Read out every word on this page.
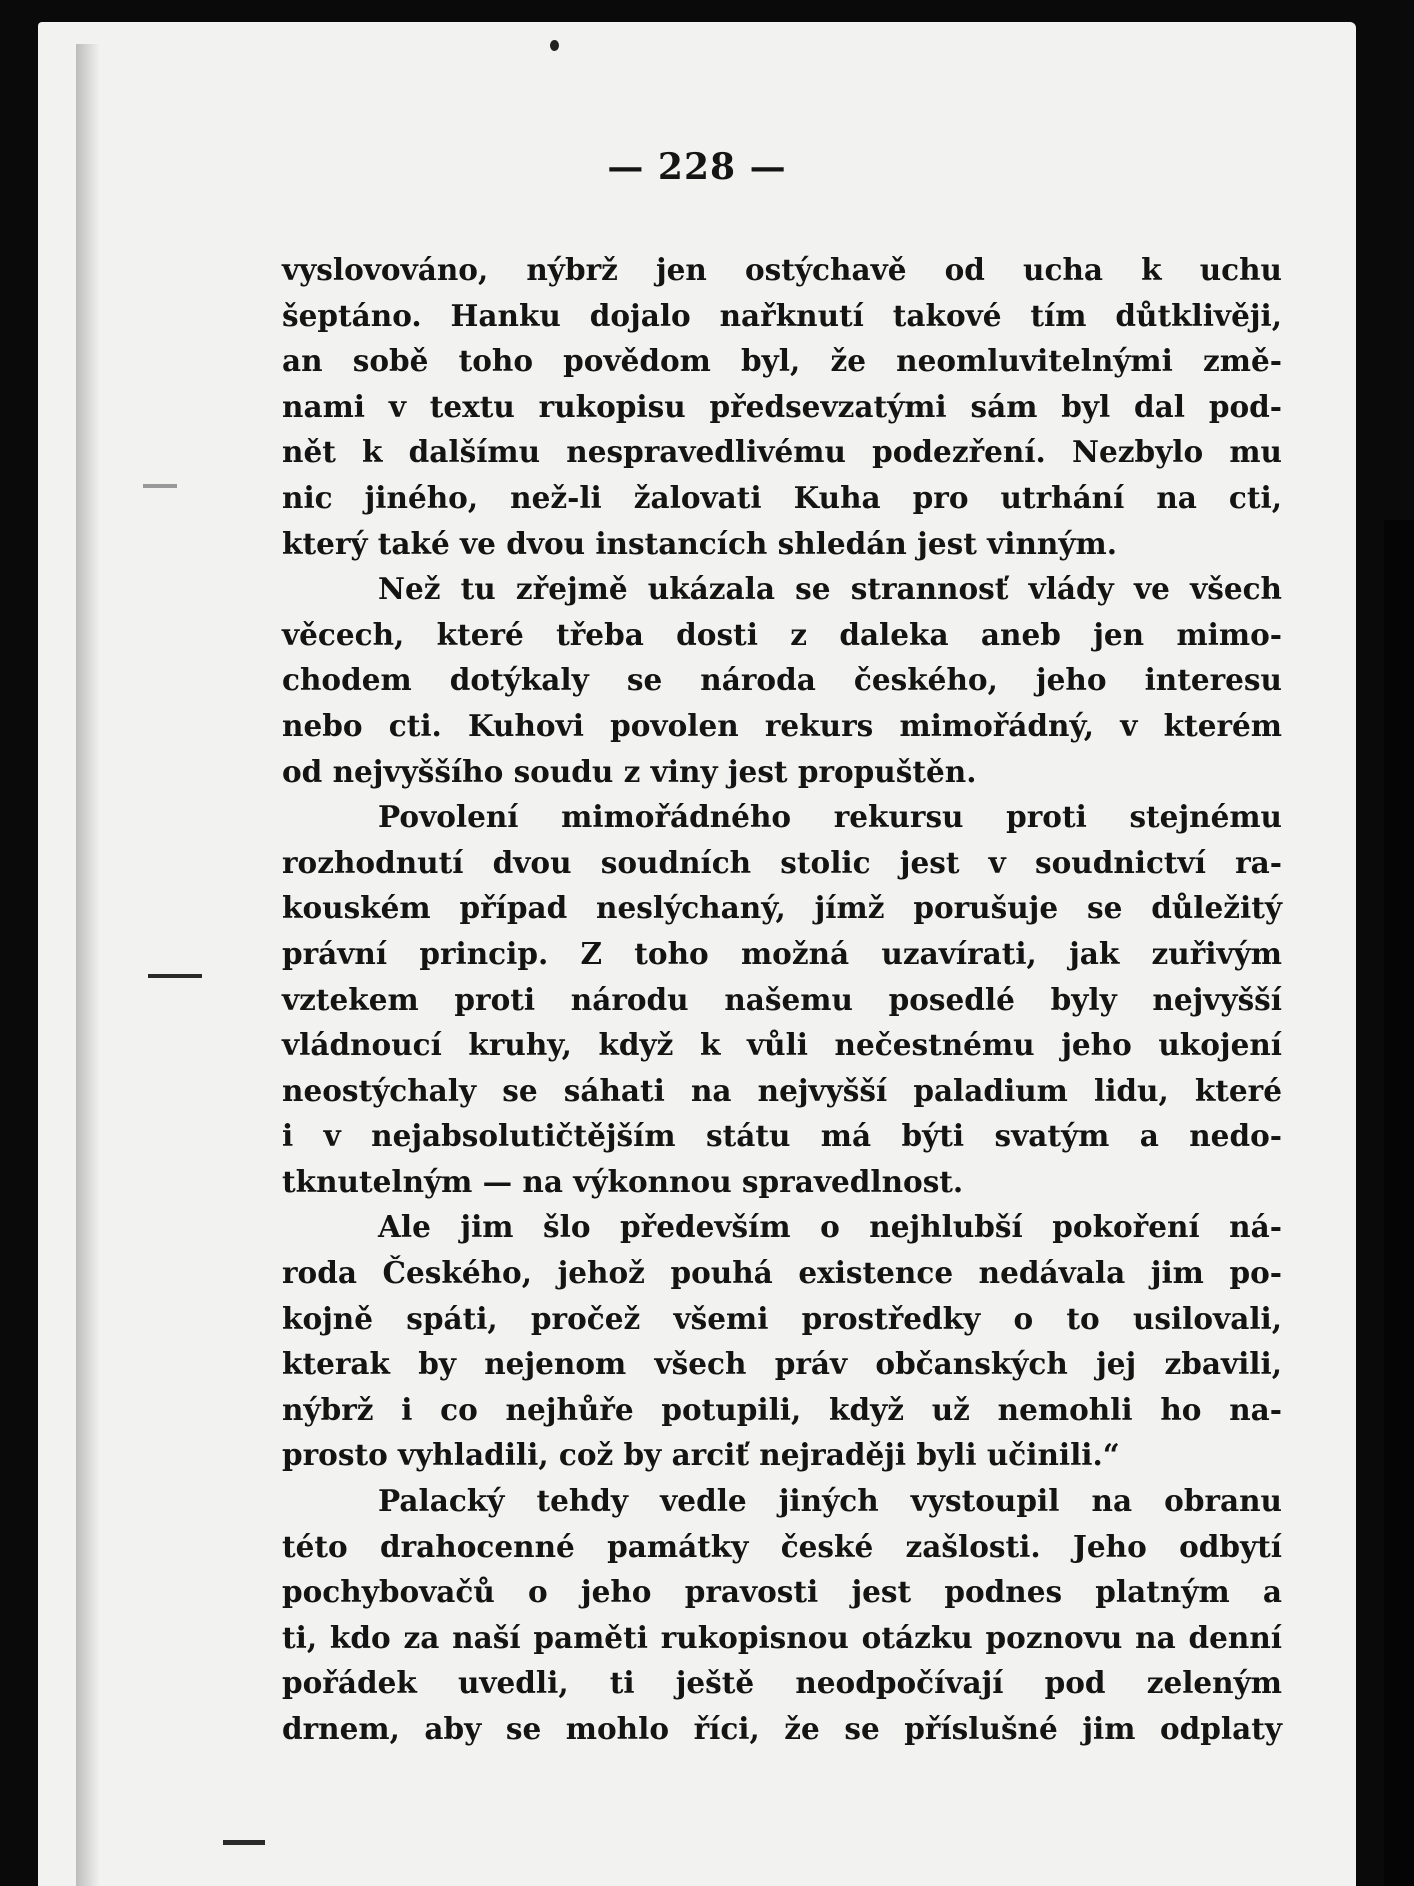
— 228 —
vyslovováno, nýbrž jen ostýchavě od ucha k uchu
šeptáno. Hanku dojalo nařknutí takové tím důtklivěji,
an sobě toho povědom byl, že neomluvitelnými změ-
nami v textu rukopisu předsevzatými sám byl dal pod-
nět k dalšímu nespravedlivému podezření. Nezbylo mu
nic jiného, než-li žalovati Kuha pro utrhání na cti,
který také ve dvou instancích shledán jest vinným.
Než tu zřejmě ukázala se strannosť vlády ve všech
věcech, které třeba dosti z daleka aneb jen mimo-
chodem dotýkaly se národa českého, jeho interesu
nebo cti. Kuhovi povolen rekurs mimořádný, v kterém
od nejvyššího soudu z viny jest propuštěn.
Povolení mimořádného rekursu proti stejnému
rozhodnutí dvou soudních stolic jest v soudnictví ra-
kouském případ neslýchaný, jímž porušuje se důležitý
právní princip. Z toho možná uzavírati, jak zuřivým
vztekem proti národu našemu posedlé byly nejvyšší
vládnoucí kruhy, když k vůli nečestnému jeho ukojení
neostýchaly se sáhati na nejvyšší paladium lidu, které
i v nejabsolutičtějším státu má býti svatým a nedo-
tknutelným — na výkonnou spravedlnost.
Ale jim šlo především o nejhlubší pokoření ná-
roda Českého, jehož pouhá existence nedávala jim po-
kojně spáti, pročež všemi prostředky o to usilovali,
kterak by nejenom všech práv občanských jej zbavili,
nýbrž i co nejhůře potupili, když už nemohli ho na-
prosto vyhladili, což by arciť nejraději byli učinili.“
Palacký tehdy vedle jiných vystoupil na obranu
této drahocenné památky české zašlosti. Jeho odbytí
pochybovačů o jeho pravosti jest podnes platným a
ti, kdo za naší paměti rukopisnou otázku poznovu na denní
pořádek uvedli, ti ještě neodpočívají pod zeleným
drnem, aby se mohlo říci, že se příslušné jim odplaty
